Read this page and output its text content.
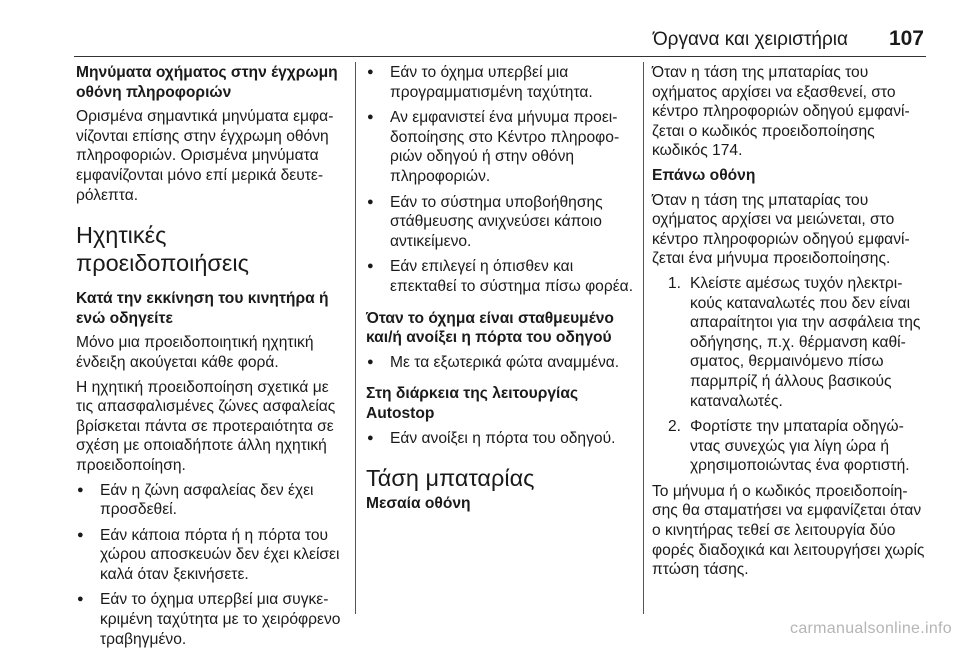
Όργανα και χειριστήρια 107
Μηνύματα οχήματος στην έγχρωμη οθόνη πληροφοριών

Ορισμένα σημαντικά μηνύματα εμφανίζονται επίσης στην έγχρωμη οθόνη πληροφοριών. Ορισμένα μηνύματα εμφανίζονται μόνο επί μερικά δευτερόλεπτα.

Ηχητικές προειδοποιήσεις
Κατά την εκκίνηση του κινητήρα ή ενώ οδηγείτε

Μόνο μια προειδοποιητική ηχητική ένδειξη ακούγεται κάθε φορά.

Η ηχητική προειδοποίηση σχετικά με τις απασφαλισμένες ζώνες ασφαλείας βρίσκεται πάντα σε προτεραιότητα σε σχέση με οποιαδήποτε άλλη ηχητική προειδοποίηση.

● Εάν η ζώνη ασφαλείας δεν έχει προσδεθεί.
● Εάν κάποια πόρτα ή η πόρτα του χώρου αποσκευών δεν έχει κλείσει καλά όταν ξεκινήσετε.
● Εάν το όχημα υπερβεί μια συγκεκριμένη ταχύτητα με το χειρόφρενο τραβηγμένο.
● Εάν το όχημα υπερβεί μια προγραμματισμένη ταχύτητα.
● Αν εμφανιστεί ένα μήνυμα προειδοποίησης στο Κέντρο πληροφοριών οδηγού ή στην οθόνη πληροφοριών.
● Εάν το σύστημα υποβοήθησης στάθμευσης ανιχνεύσει κάποιο αντικείμενο.
● Εάν επιλεγεί η όπισθεν και επεκταθεί το σύστημα πίσω φορέα.
Όταν το όχημα είναι σταθμευμένο και/ή ανοίξει η πόρτα του οδηγού
● Με τα εξωτερικά φώτα αναμμένα.
Στη διάρκεια της λειτουργίας Autostop
● Εάν ανοίξει η πόρτα του οδηγού.
Τάση μπαταρίας
Μεσαία οθόνη

Όταν η τάση της μπαταρίας του οχήματος αρχίσει να εξασθενεί, στο κέντρο πληροφοριών οδηγού εμφανίζεται ο κωδικός προειδοποίησης κωδικός 174.

Επάνω οθόνη

Όταν η τάση της μπαταρίας του οχήματος αρχίσει να μειώνεται, στο κέντρο πληροφοριών οδηγού εμφανίζεται ένα μήνυμα προειδοποίησης.

1. Κλείστε αμέσως τυχόν ηλεκτρικούς καταναλωτές που δεν είναι απαραίτητοι για την ασφάλεια της οδήγησης, π.χ. θέρμανση καθίσματος, θερμαινόμενο πίσω παρμπρίζ ή άλλους βασικούς καταναλωτές.
2. Φορτίστε την μπαταρία οδηγώντας συνεχώς για λίγη ώρα ή χρησιμοποιώντας ένα φορτιστή.

Το μήνυμα ή ο κωδικός προειδοποίησης θα σταματήσει να εμφανίζεται όταν ο κινητήρας τεθεί σε λειτουργία δύο φορές διαδοχικά και λειτουργήσει χωρίς πτώση τάσης.

carmanualsonline.info
